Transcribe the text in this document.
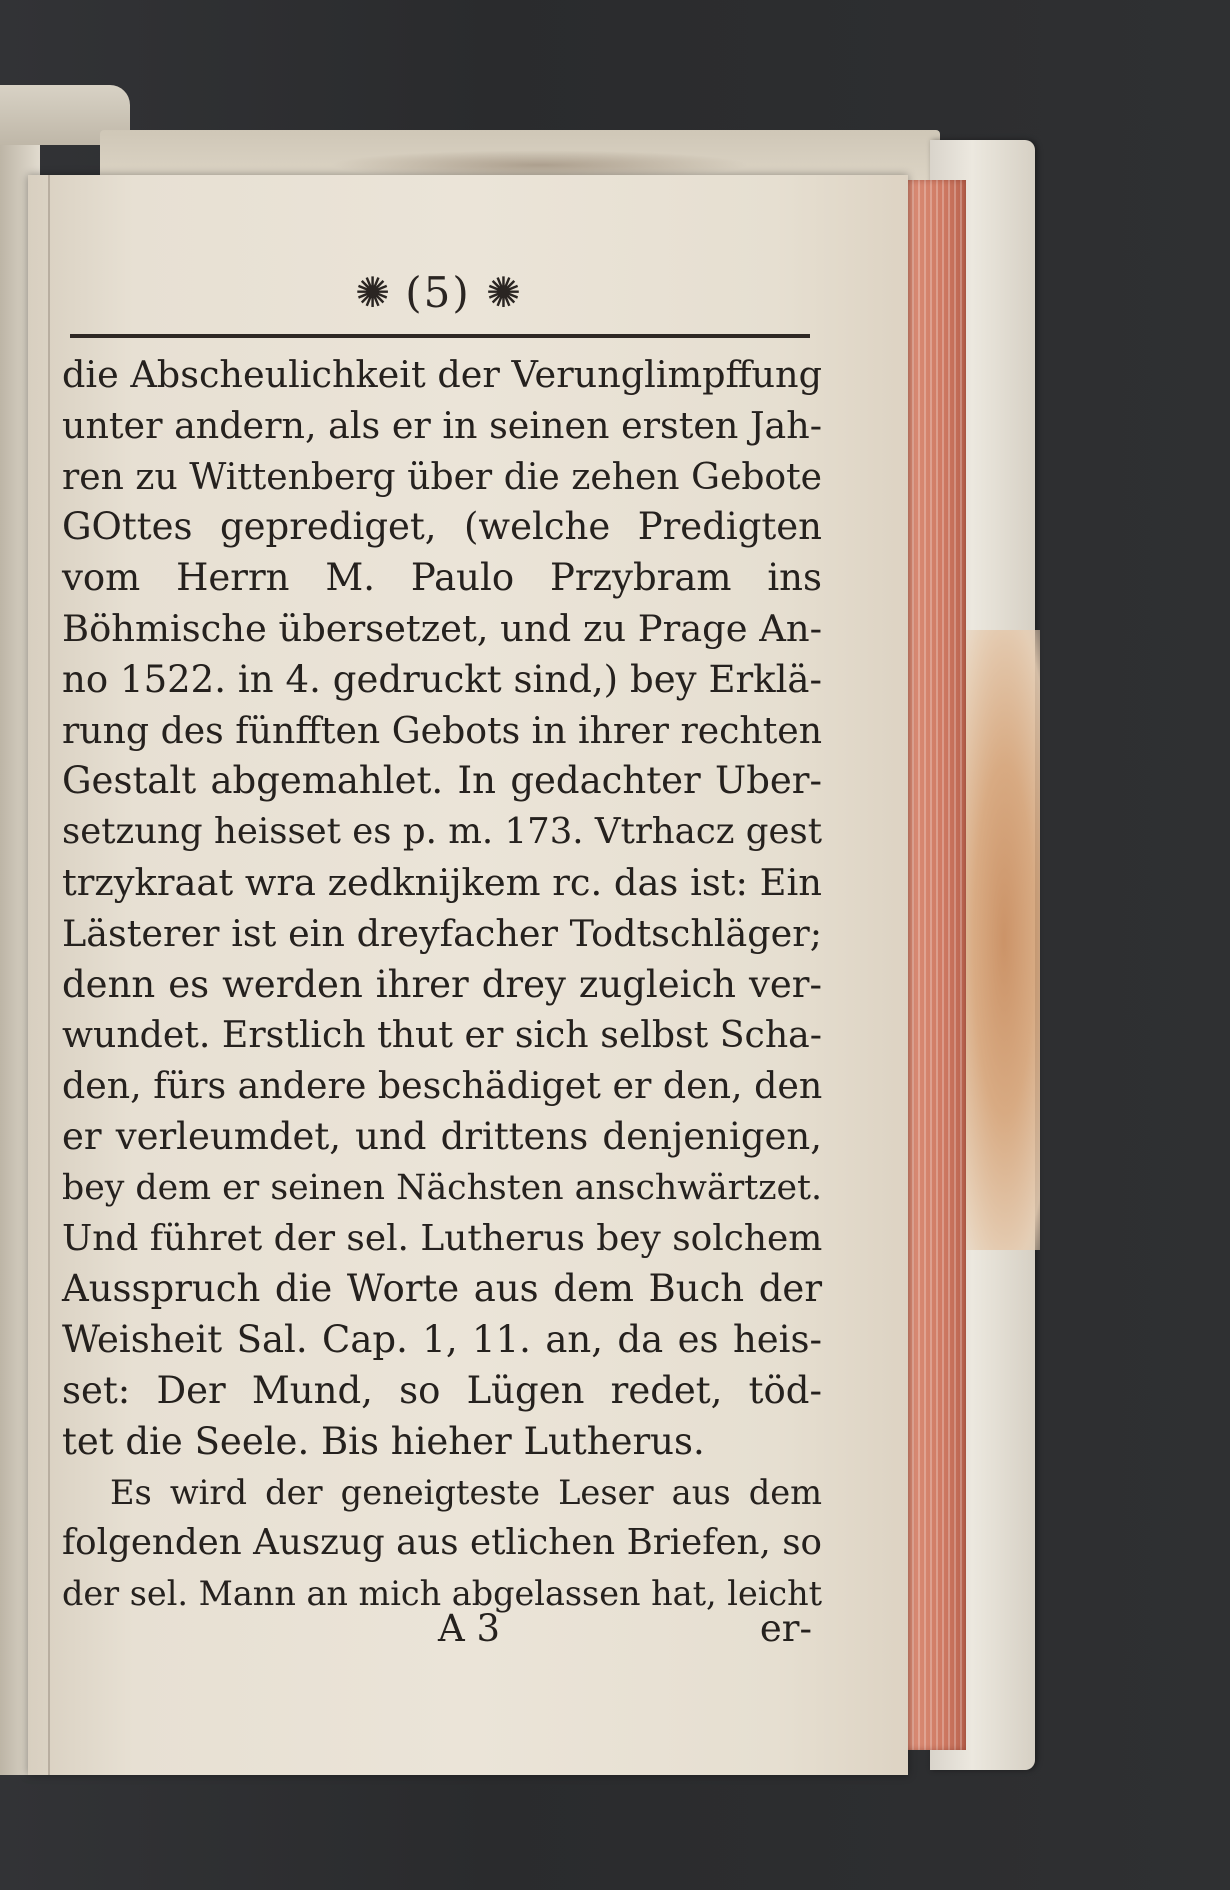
✺ (5) ✺
die Abscheulichkeit der Verunglimpffung
unter andern, als er in seinen ersten Jah-
ren zu Wittenberg über die zehen Gebote
GOttes geprediget, (welche Predigten
vom Herrn M. Paulo Przybram ins
Böhmische übersetzet, und zu Prage An-
no 1522. in 4. gedruckt sind,) bey Erklä-
rung des fünfften Gebots in ihrer rechten
Gestalt abgemahlet. In gedachter Uber-
setzung heisset es p. m. 173. Vtrhacz gest
trzykraat wra zedknijkem rc. das ist: Ein
Lästerer ist ein dreyfacher Todtschläger;
denn es werden ihrer drey zugleich ver-
wundet. Erstlich thut er sich selbst Scha-
den, fürs andere beschädiget er den, den
er verleumdet, und drittens denjenigen,
bey dem er seinen Nächsten anschwärtzet.
Und führet der sel. Lutherus bey solchem
Ausspruch die Worte aus dem Buch der
Weisheit Sal. Cap. 1, 11. an, da es heis-
set: Der Mund, so Lügen redet, töd-
tet die Seele. Bis hieher Lutherus.
Es wird der geneigteste Leser aus dem
folgenden Auszug aus etlichen Briefen, so
der sel. Mann an mich abgelassen hat, leicht
A 3	er-
